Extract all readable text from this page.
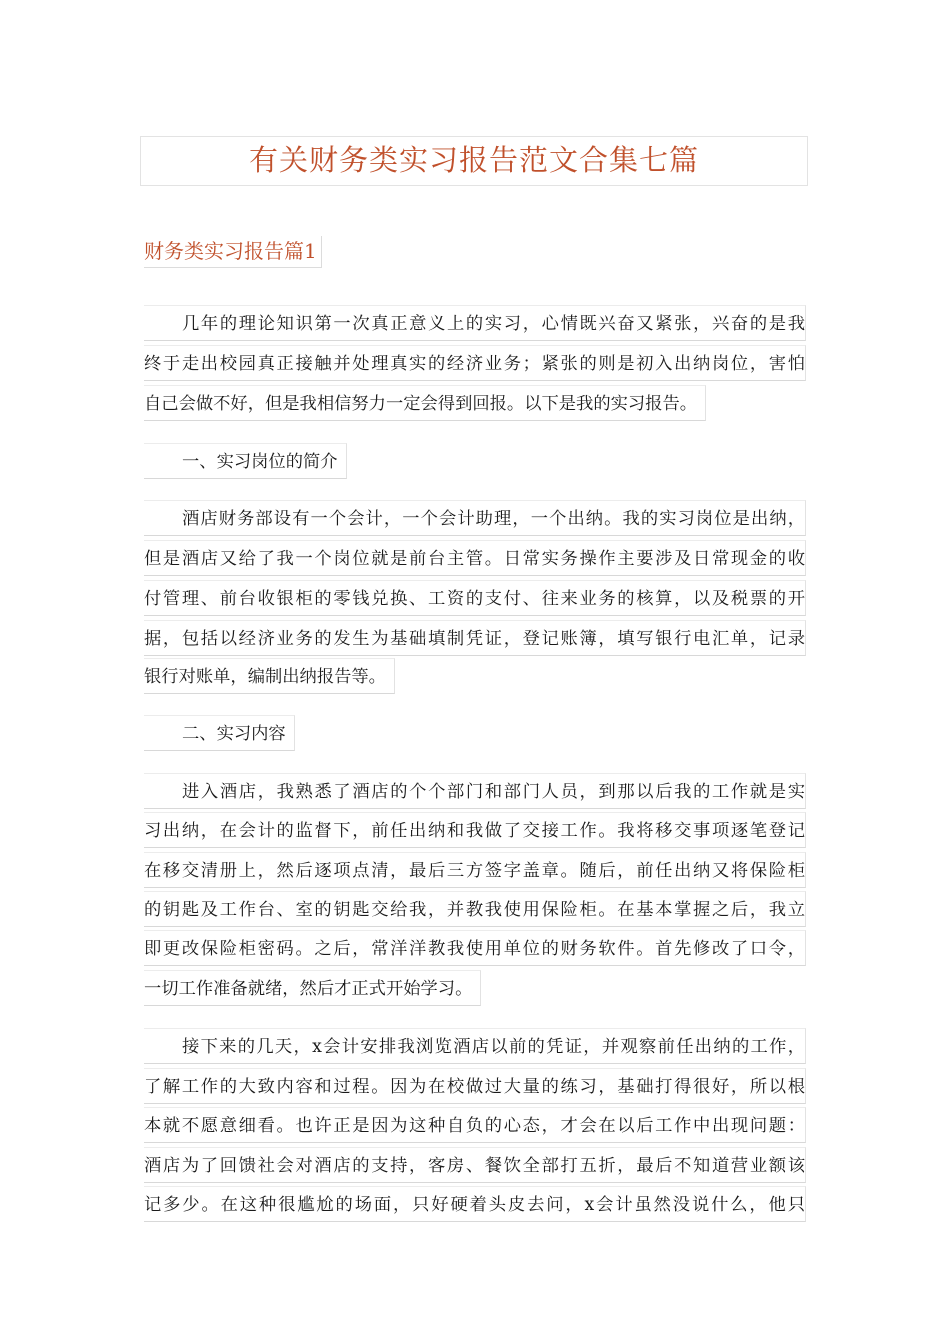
有关财务类实习报告范文合集七篇
财务类实习报告篇1
几年的理论知识第一次真正意义上的实习，心情既兴奋又紧张，兴奋的是我
终于走出校园真正接触并处理真实的经济业务；紧张的则是初入出纳岗位，害怕
自己会做不好，但是我相信努力一定会得到回报。以下是我的实习报告。
一、实习岗位的简介
酒店财务部设有一个会计，一个会计助理，一个出纳。我的实习岗位是出纳，
但是酒店又给了我一个岗位就是前台主管。日常实务操作主要涉及日常现金的收
付管理、前台收银柜的零钱兑换、工资的支付、往来业务的核算，以及税票的开
据，包括以经济业务的发生为基础填制凭证，登记账簿，填写银行电汇单，记录
银行对账单，编制出纳报告等。
二、实习内容
进入酒店，我熟悉了酒店的个个部门和部门人员，到那以后我的工作就是实
习出纳，在会计的监督下，前任出纳和我做了交接工作。我将移交事项逐笔登记
在移交清册上，然后逐项点清，最后三方签字盖章。随后，前任出纳又将保险柜
的钥匙及工作台、室的钥匙交给我，并教我使用保险柜。在基本掌握之后，我立
即更改保险柜密码。之后，常洋洋教我使用单位的财务软件。首先修改了口令，
一切工作准备就绪，然后才正式开始学习。
接下来的几天，x会计安排我浏览酒店以前的凭证，并观察前任出纳的工作，
了解工作的大致内容和过程。因为在校做过大量的练习，基础打得很好，所以根
本就不愿意细看。也许正是因为这种自负的心态，才会在以后工作中出现问题：
酒店为了回馈社会对酒店的支持，客房、餐饮全部打五折，最后不知道营业额该
记多少。在这种很尴尬的场面，只好硬着头皮去问，x会计虽然没说什么，他只
